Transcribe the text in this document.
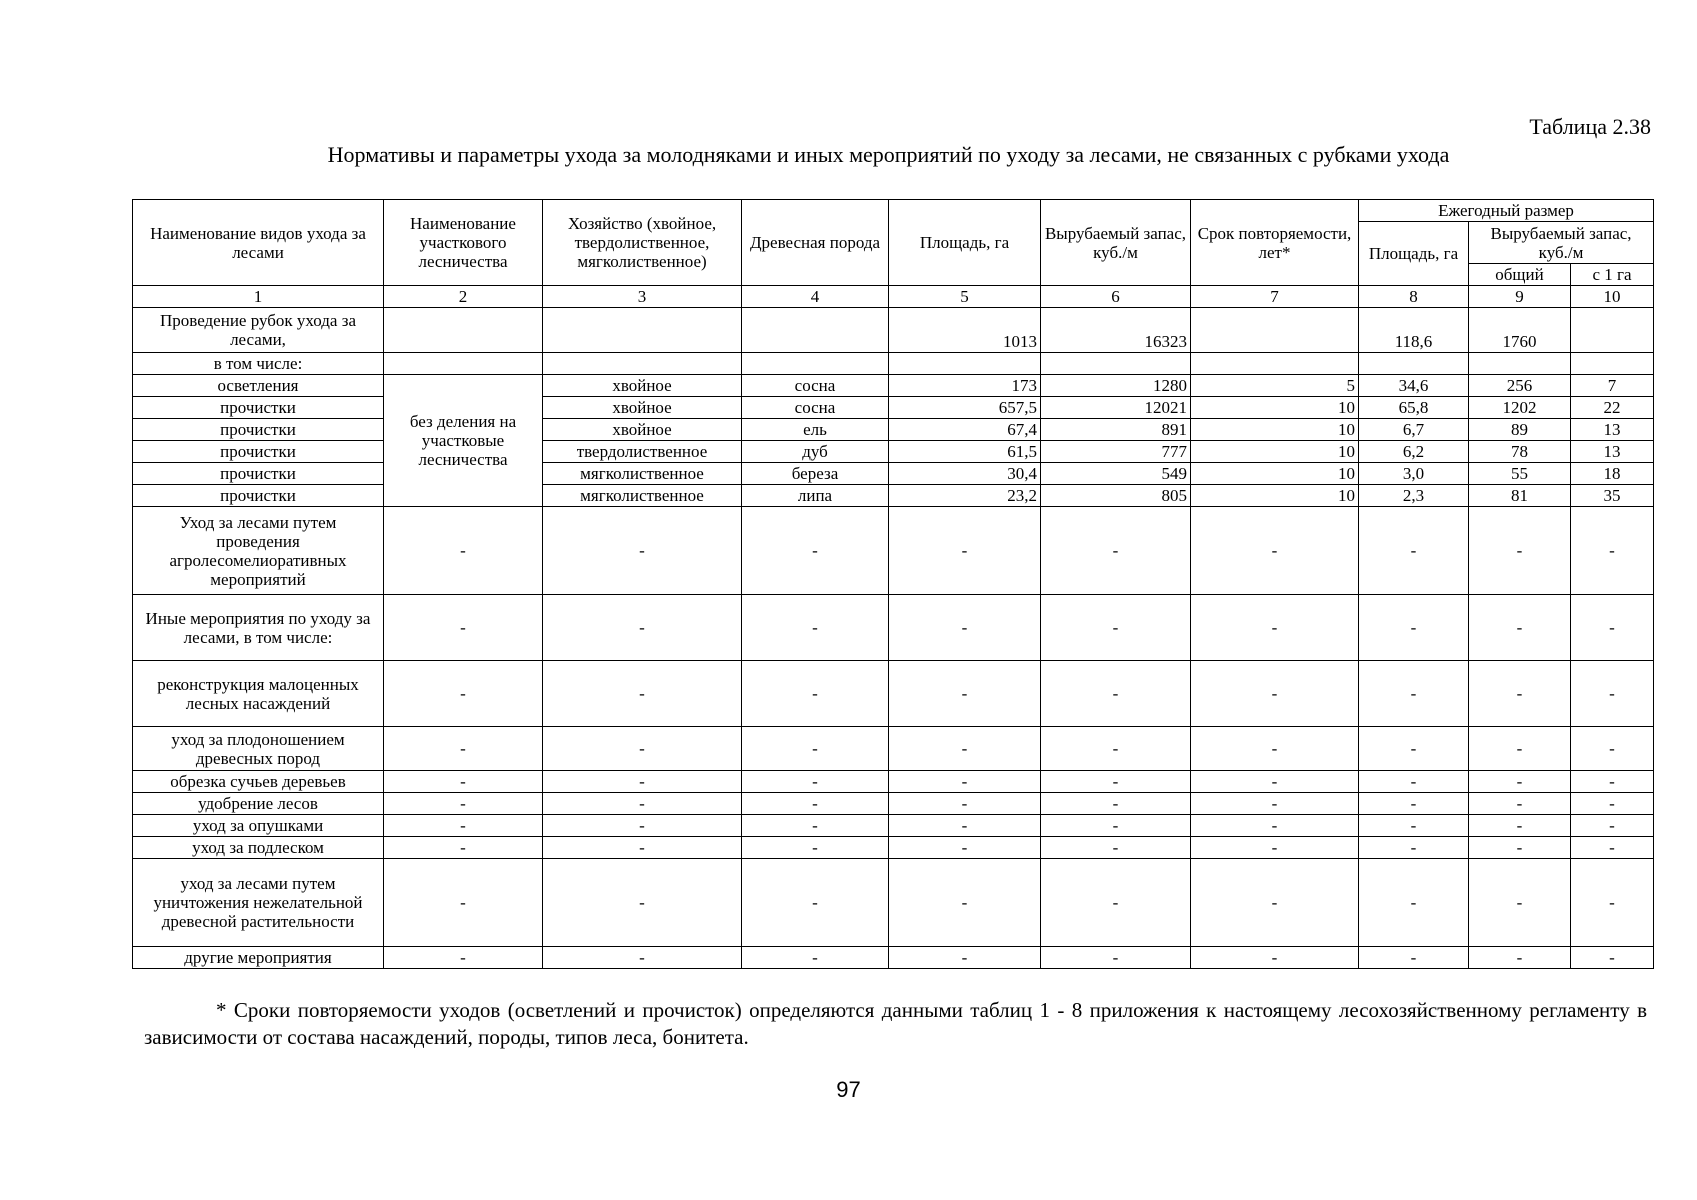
Таблица 2.38
Нормативы и параметры ухода за молодняками и иных мероприятий по уходу за лесами, не связанных с рубками ухода
Наименование видов ухода за лесами	Наименование участкового лесничества	Хозяйство (хвойное, твердолиственное, мягколиственное)	Древесная порода	Площадь, га	Вырубаемый запас, куб./м	Срок повторяемости, лет*	Ежегодный размер		
							Площадь, га	Вырубаемый запас, куб./м	
								общий	с 1 га
1	2	3	4	5	6	7	8	9	10
Проведение рубок ухода за лесами,				1013	16323		118,6	1760	
в том числе:									
осветления	без деления на участковые лесничества	хвойное	сосна	173	1280	5	34,6	256	7
прочистки		хвойное	сосна	657,5	12021	10	65,8	1202	22
прочистки		хвойное	ель	67,4	891	10	6,7	89	13
прочистки		твердолиственное	дуб	61,5	777	10	6,2	78	13
прочистки		мягколиственное	береза	30,4	549	10	3,0	55	18
прочистки		мягколиственное	липа	23,2	805	10	2,3	81	35
Уход за лесами путем проведения агролесомелиоративных мероприятий	-	-	-	-	-	-	-	-	-
Иные мероприятия по уходу за лесами, в том числе:	-	-	-	-	-	-	-	-	-
реконструкция малоценных лесных насаждений	-	-	-	-	-	-	-	-	-
уход за плодоношением древесных пород	-	-	-	-	-	-	-	-	-
обрезка сучьев деревьев	-	-	-	-	-	-	-	-	-
удобрение лесов	-	-	-	-	-	-	-	-	-
уход за опушками	-	-	-	-	-	-	-	-	-
уход за подлеском	-	-	-	-	-	-	-	-	-
уход за лесами путем уничтожения нежелательной древесной растительности	-	-	-	-	-	-	-	-	-
другие мероприятия	-	-	-	-	-	-	-	-	-
* Сроки повторяемости уходов (осветлений и прочисток) определяются данными таблиц 1 - 8 приложения к настоящему лесохозяйственному регламенту в зависимости от состава насаждений, породы, типов леса, бонитета.
97
